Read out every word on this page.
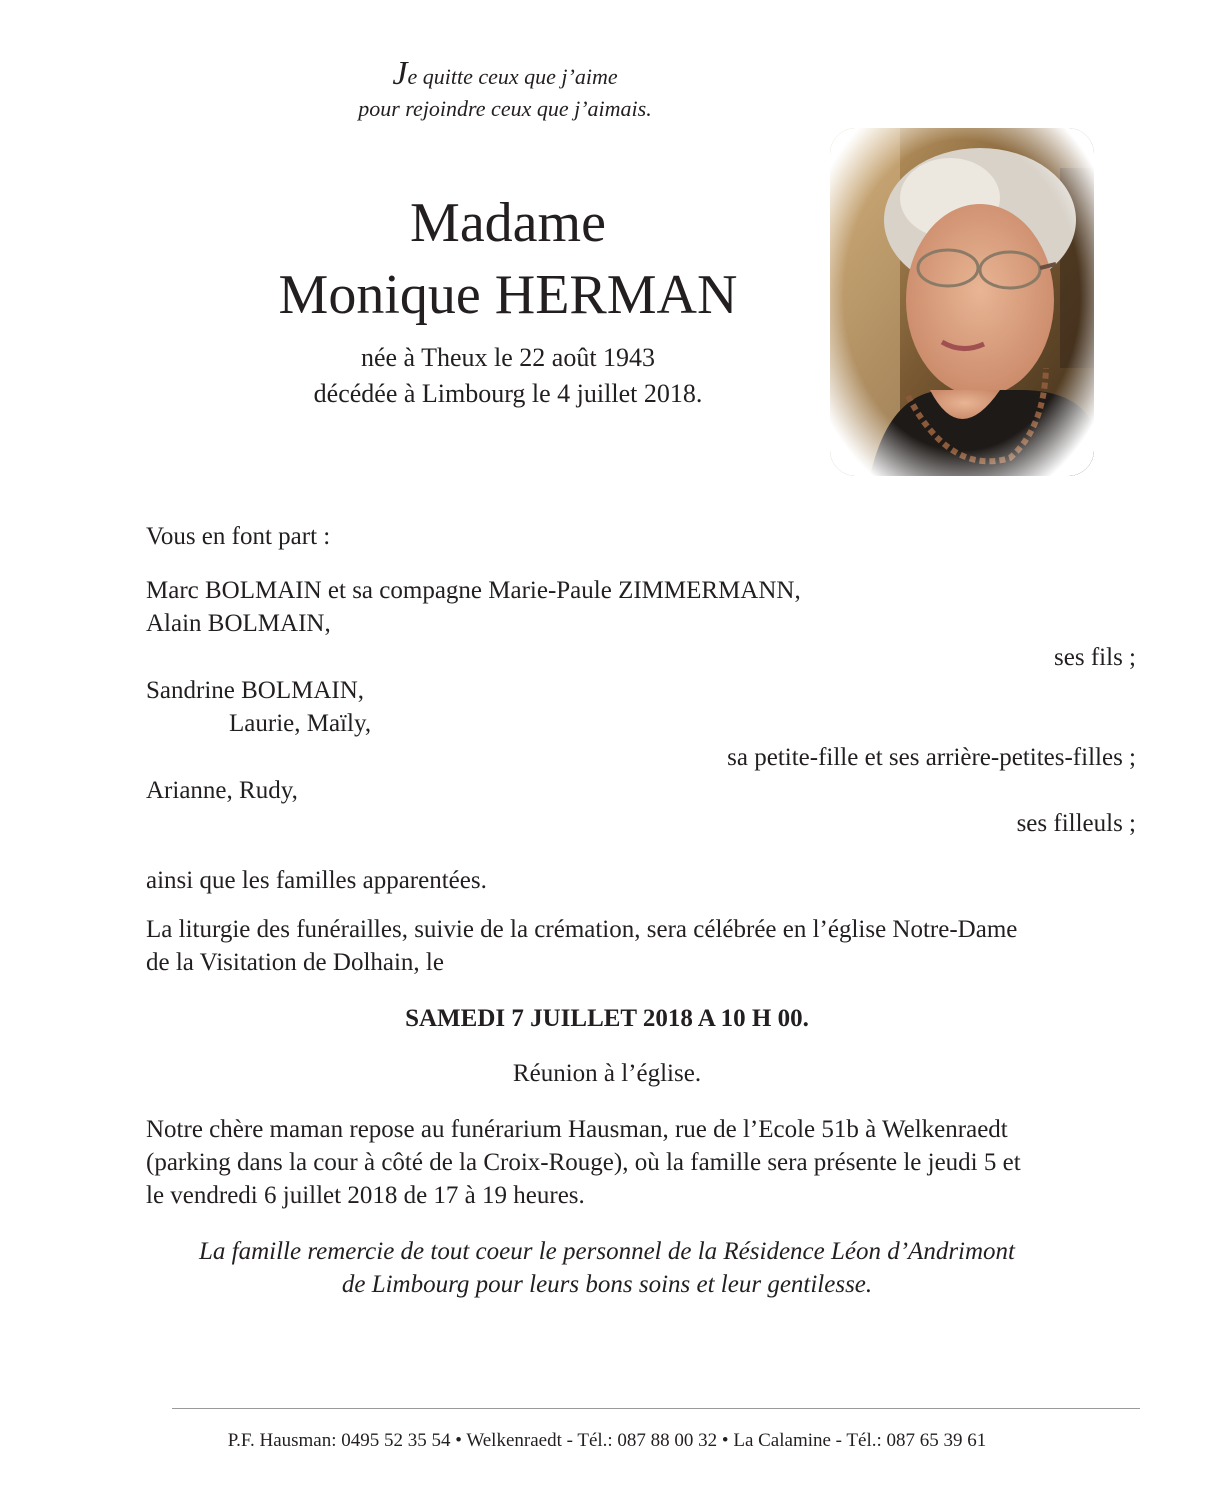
Je quitte ceux que j’aime
pour rejoindre ceux que j’aimais.
Madame
Monique HERMAN
née à Theux le 22 août 1943
décédée à Limbourg le 4 juillet 2018.
Vous en font part :
Marc BOLMAIN et sa compagne Marie-Paule ZIMMERMANN,
Alain BOLMAIN,
ses fils ;
Sandrine BOLMAIN,
Laurie, Maïly,
sa petite-fille et ses arrière-petites-filles ;
Arianne, Rudy,
ses filleuls ;
ainsi que les familles apparentées.
La liturgie des funérailles, suivie de la crémation, sera célébrée en l’église Notre-Dame
de la Visitation de Dolhain, le
SAMEDI 7 JUILLET 2018 A 10 H 00.
Réunion à l’église.
Notre chère maman repose au funérarium Hausman, rue de l’Ecole 51b à Welkenraedt
(parking dans la cour à côté de la Croix-Rouge), où la famille sera présente le jeudi 5 et
le vendredi 6 juillet 2018 de 17 à 19 heures.
La famille remercie de tout coeur le personnel de la Résidence Léon d’Andrimont
de Limbourg pour leurs bons soins et leur gentilesse.
P.F. Hausman: 0495 52 35 54 • Welkenraedt - Tél.: 087 88 00 32 • La Calamine - Tél.: 087 65 39 61
